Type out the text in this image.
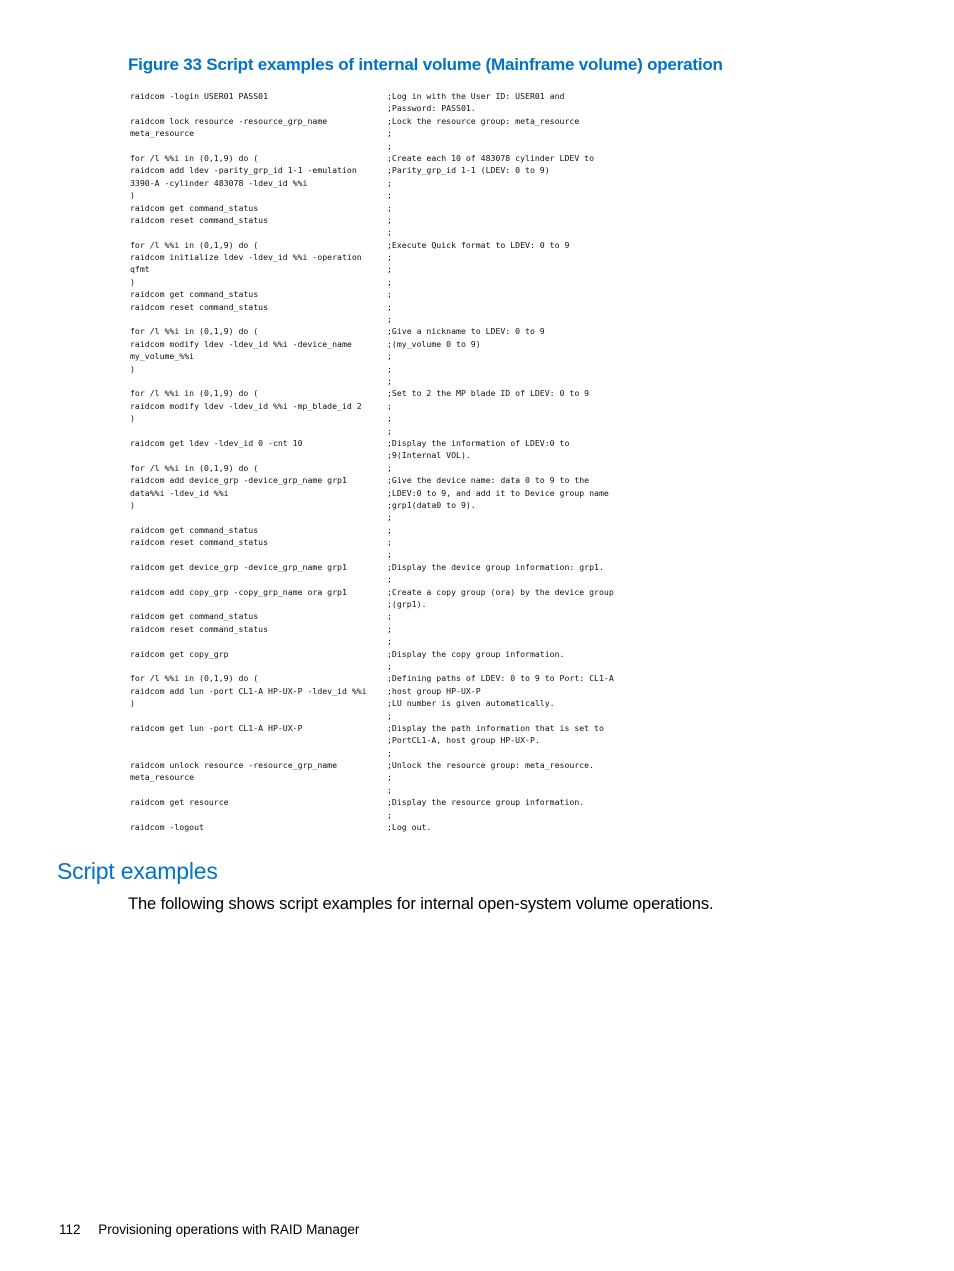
Figure 33 Script examples of internal volume (Mainframe volume) operation
raidcom -login USER01 PASS01
raidcom lock resource -resource_grp_name
meta_resource
for /l %%i in (0,1,9) do (
raidcom add ldev -parity_grp_id 1-1 -emulation
3390-A -cylinder 483078 -ldev_id %%i
)
raidcom get command_status
raidcom reset command_status
for /l %%i in (0,1,9) do (
raidcom initialize ldev -ldev_id %%i -operation
qfmt
)
raidcom get command_status
raidcom reset command_status
for /l %%i in (0,1,9) do (
raidcom modify ldev -ldev_id %%i -device_name
my_volume_%%i
)
for /l %%i in (0,1,9) do (
raidcom modify ldev -ldev_id %%i -mp_blade_id 2
)
raidcom get ldev -ldev_id 0 -cnt 10
for /l %%i in (0,1,9) do (
raidcom add device_grp -device_grp_name grp1
data%%i -ldev_id %%i
)
raidcom get command_status
raidcom reset command_status
raidcom get device_grp -device_grp_name grp1
raidcom add copy_grp -copy_grp_name ora grp1
raidcom get command_status
raidcom reset command_status
raidcom get copy_grp
for /l %%i in (0,1,9) do (
raidcom add lun -port CL1-A HP-UX-P -ldev_id %%i
)
raidcom get lun -port CL1-A HP-UX-P
raidcom unlock resource -resource_grp_name
meta_resource
raidcom get resource
raidcom -logout
;Log in with the User ID: USER01 and
;Password: PASS01.
;Lock the resource group: meta_resource
;
;
;Create each 10 of 483078 cylinder LDEV to
;Parity_grp_id 1-1 (LDEV: 0 to 9)
;
;
;
;
;
;Execute Quick format to LDEV: 0 to 9
;
;
;
;
;
;
;Give a nickname to LDEV: 0 to 9
;(my_volume 0 to 9)
;
;
;
;Set to 2 the MP blade ID of LDEV: 0 to 9
;
;
;
;Display the information of LDEV:0 to
;9(Internal VOL).
;
;Give the device name: data 0 to 9 to the
;LDEV:0 to 9, and add it to Device group name
;grp1(data0 to 9).
;
;
;
;
;Display the device group information: grp1.
;
;Create a copy group (ora) by the device group
;(grp1).
;
;
;
;Display the copy group information.
;
;Defining paths of LDEV: 0 to 9 to Port: CL1-A
;host group HP-UX-P
;LU number is given automatically.
;
;Display the path information that is set to
;PortCL1-A, host group HP-UX-P.
;
;Unlock the resource group: meta_resource.
;
;
;Display the resource group information.
;
;Log out.
Script examples

The following shows script examples for internal open-system volume operations.

112 Provisioning operations with RAID Manager
